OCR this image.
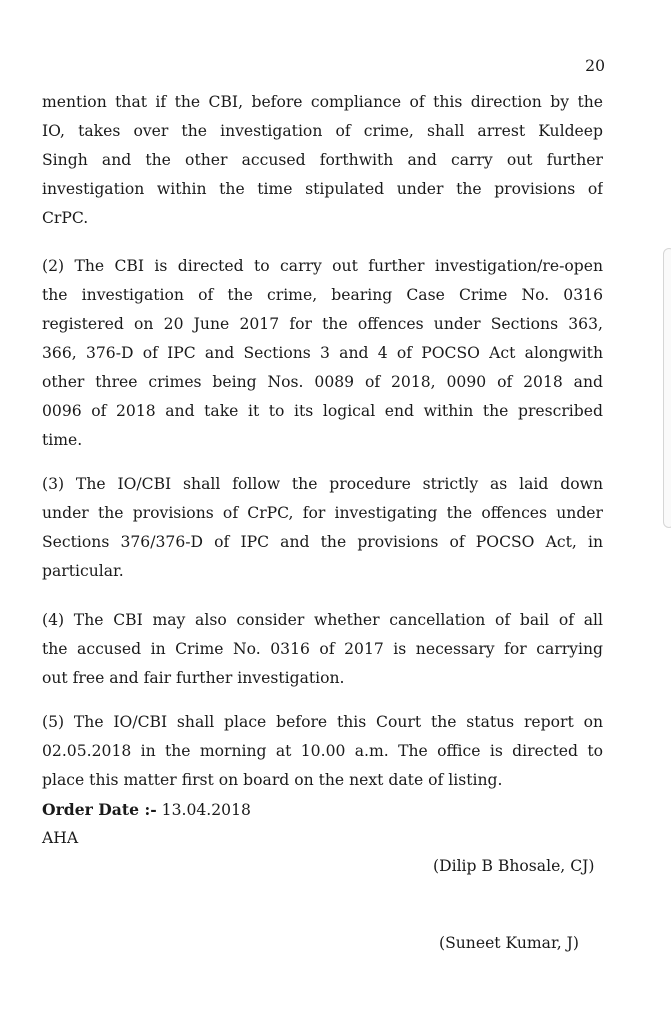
20
mention that if the CBI, before compliance of this direction by the
IO, takes over the investigation of crime, shall arrest Kuldeep
Singh and the other accused forthwith and carry out further
investigation within the time stipulated under the provisions of
CrPC.
(2) The CBI is directed to carry out further investigation/re-open
the investigation of the crime, bearing Case Crime No. 0316
registered on 20 June 2017 for the offences under Sections 363,
366, 376-D of IPC and Sections 3 and 4 of POCSO Act alongwith
other three crimes being Nos. 0089 of 2018, 0090 of 2018 and
0096 of 2018 and take it to its logical end within the prescribed
time.
(3) The IO/CBI shall follow the procedure strictly as laid down
under the provisions of CrPC, for investigating the offences under
Sections 376/376-D of IPC and the provisions of POCSO Act, in
particular.
(4) The CBI may also consider whether cancellation of bail of all
the accused in Crime No. 0316 of 2017 is necessary for carrying
out free and fair further investigation.
(5) The IO/CBI shall place before this Court the status report on
02.05.2018 in the morning at 10.00 a.m. The office is directed to
place this matter first on board on the next date of listing.
Order Date :- 13.04.2018
AHA
(Dilip B Bhosale, CJ)
(Suneet Kumar, J)
